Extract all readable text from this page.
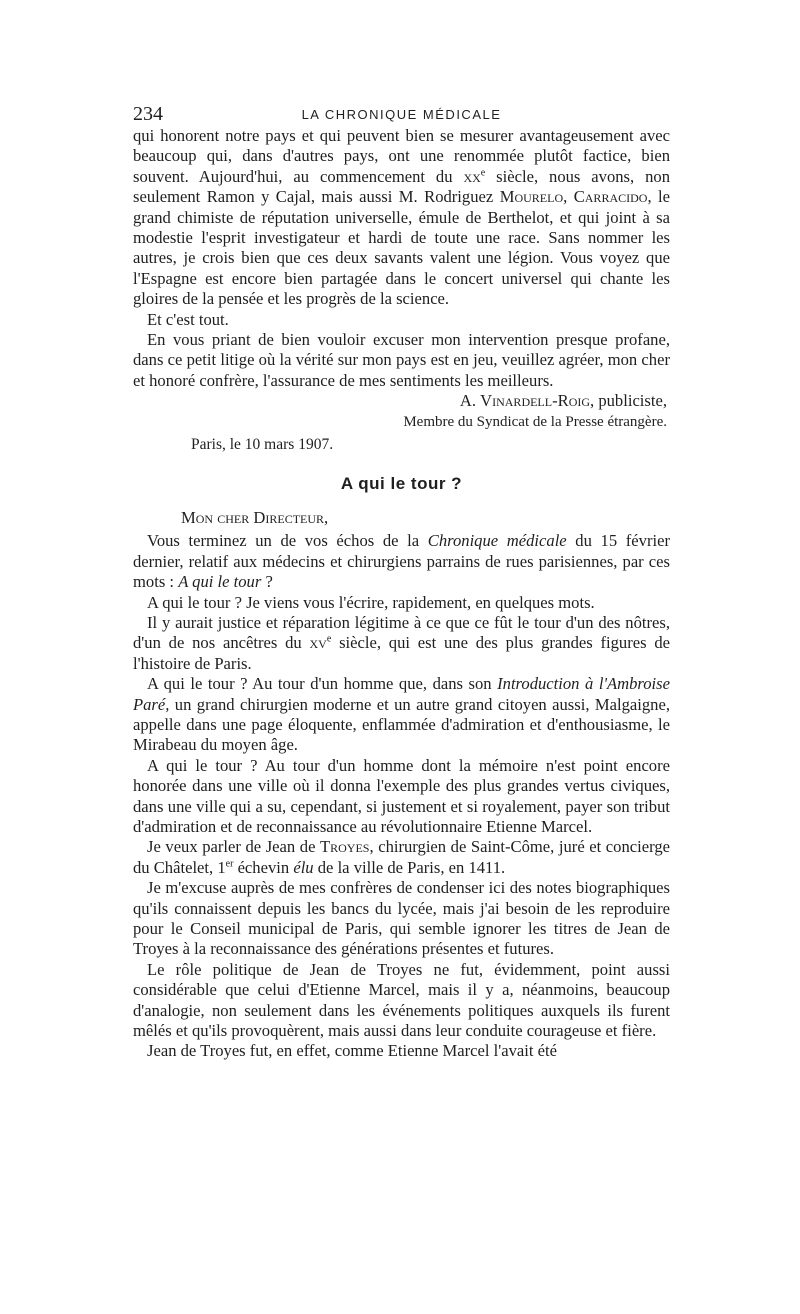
234	LA CHRONIQUE MÉDICALE

qui honorent notre pays et qui peuvent bien se mesurer avantageusement avec beaucoup qui, dans d'autres pays, ont une renommée plutôt factice, bien souvent. Aujourd'hui, au commencement du $xx^e$ siècle, nous avons, non seulement Ramon y Cajal, mais aussi M. Rodriguez Mourelo, Carracido, le grand chimiste de réputation universelle, émule de Berthelot, et qui joint à sa modestie l'esprit investigateur et hardi de toute une race. Sans nommer les autres, je crois bien que ces deux savants valent une légion. Vous voyez que l'Espagne est encore bien partagée dans le concert universel qui chante les gloires de la pensée et les progrès de la science.

Et c'est tout.

En vous priant de bien vouloir excuser mon intervention presque profane, dans ce petit litige où la vérité sur mon pays est en jeu, veuillez agréer, mon cher et honoré confrère, l'assurance de mes sentiments les meilleurs.

A. Vinardell-Roig, publiciste,

Membre du Syndicat de la Presse étrangère.

Paris, le 10 mars 1907.

A qui le tour ?

Mon cher Directeur,

Vous terminez un de vos échos de la Chronique médicale du 15 février dernier, relatif aux médecins et chirurgiens parrains de rues parisiennes, par ces mots : A qui le tour ?

A qui le tour ? Je viens vous l'écrire, rapidement, en quelques mots.

Il y aurait justice et réparation légitime à ce que ce fût le tour d'un des nôtres, d'un de nos ancêtres du $xv^e$ siècle, qui est une des plus grandes figures de l'histoire de Paris.

A qui le tour ? Au tour d'un homme que, dans son Introduction à l'Ambroise Paré, un grand chirurgien moderne et un autre grand citoyen aussi, Malgaigne, appelle dans une page éloquente, enflammée d'admiration et d'enthousiasme, le Mirabeau du moyen âge.

A qui le tour ? Au tour d'un homme dont la mémoire n'est point encore honorée dans une ville où il donna l'exemple des plus grandes vertus civiques, dans une ville qui a su, cependant, si justement et si royalement, payer son tribut d'admiration et de reconnaissance au révolutionnaire Etienne Marcel.

Je veux parler de Jean de Troyes, chirurgien de Saint-Côme, juré et concierge du Châtelet, 1er échevin élu de la ville de Paris, en 1411.

Je m'excuse auprès de mes confrères de condenser ici des notes biographiques qu'ils connaissent depuis les bancs du lycée, mais j'ai besoin de les reproduire pour le Conseil municipal de Paris, qui semble ignorer les titres de Jean de Troyes à la reconnaissance des générations présentes et futures.

Le rôle politique de Jean de Troyes ne fut, évidemment, point aussi considérable que celui d'Etienne Marcel, mais il y a, néanmoins, beaucoup d'analogie, non seulement dans les événements politiques auxquels ils furent mêlés et qu'ils provoquèrent, mais aussi dans leur conduite courageuse et fière.

Jean de Troyes fut, en effet, comme Etienne Marcel l'avait été
